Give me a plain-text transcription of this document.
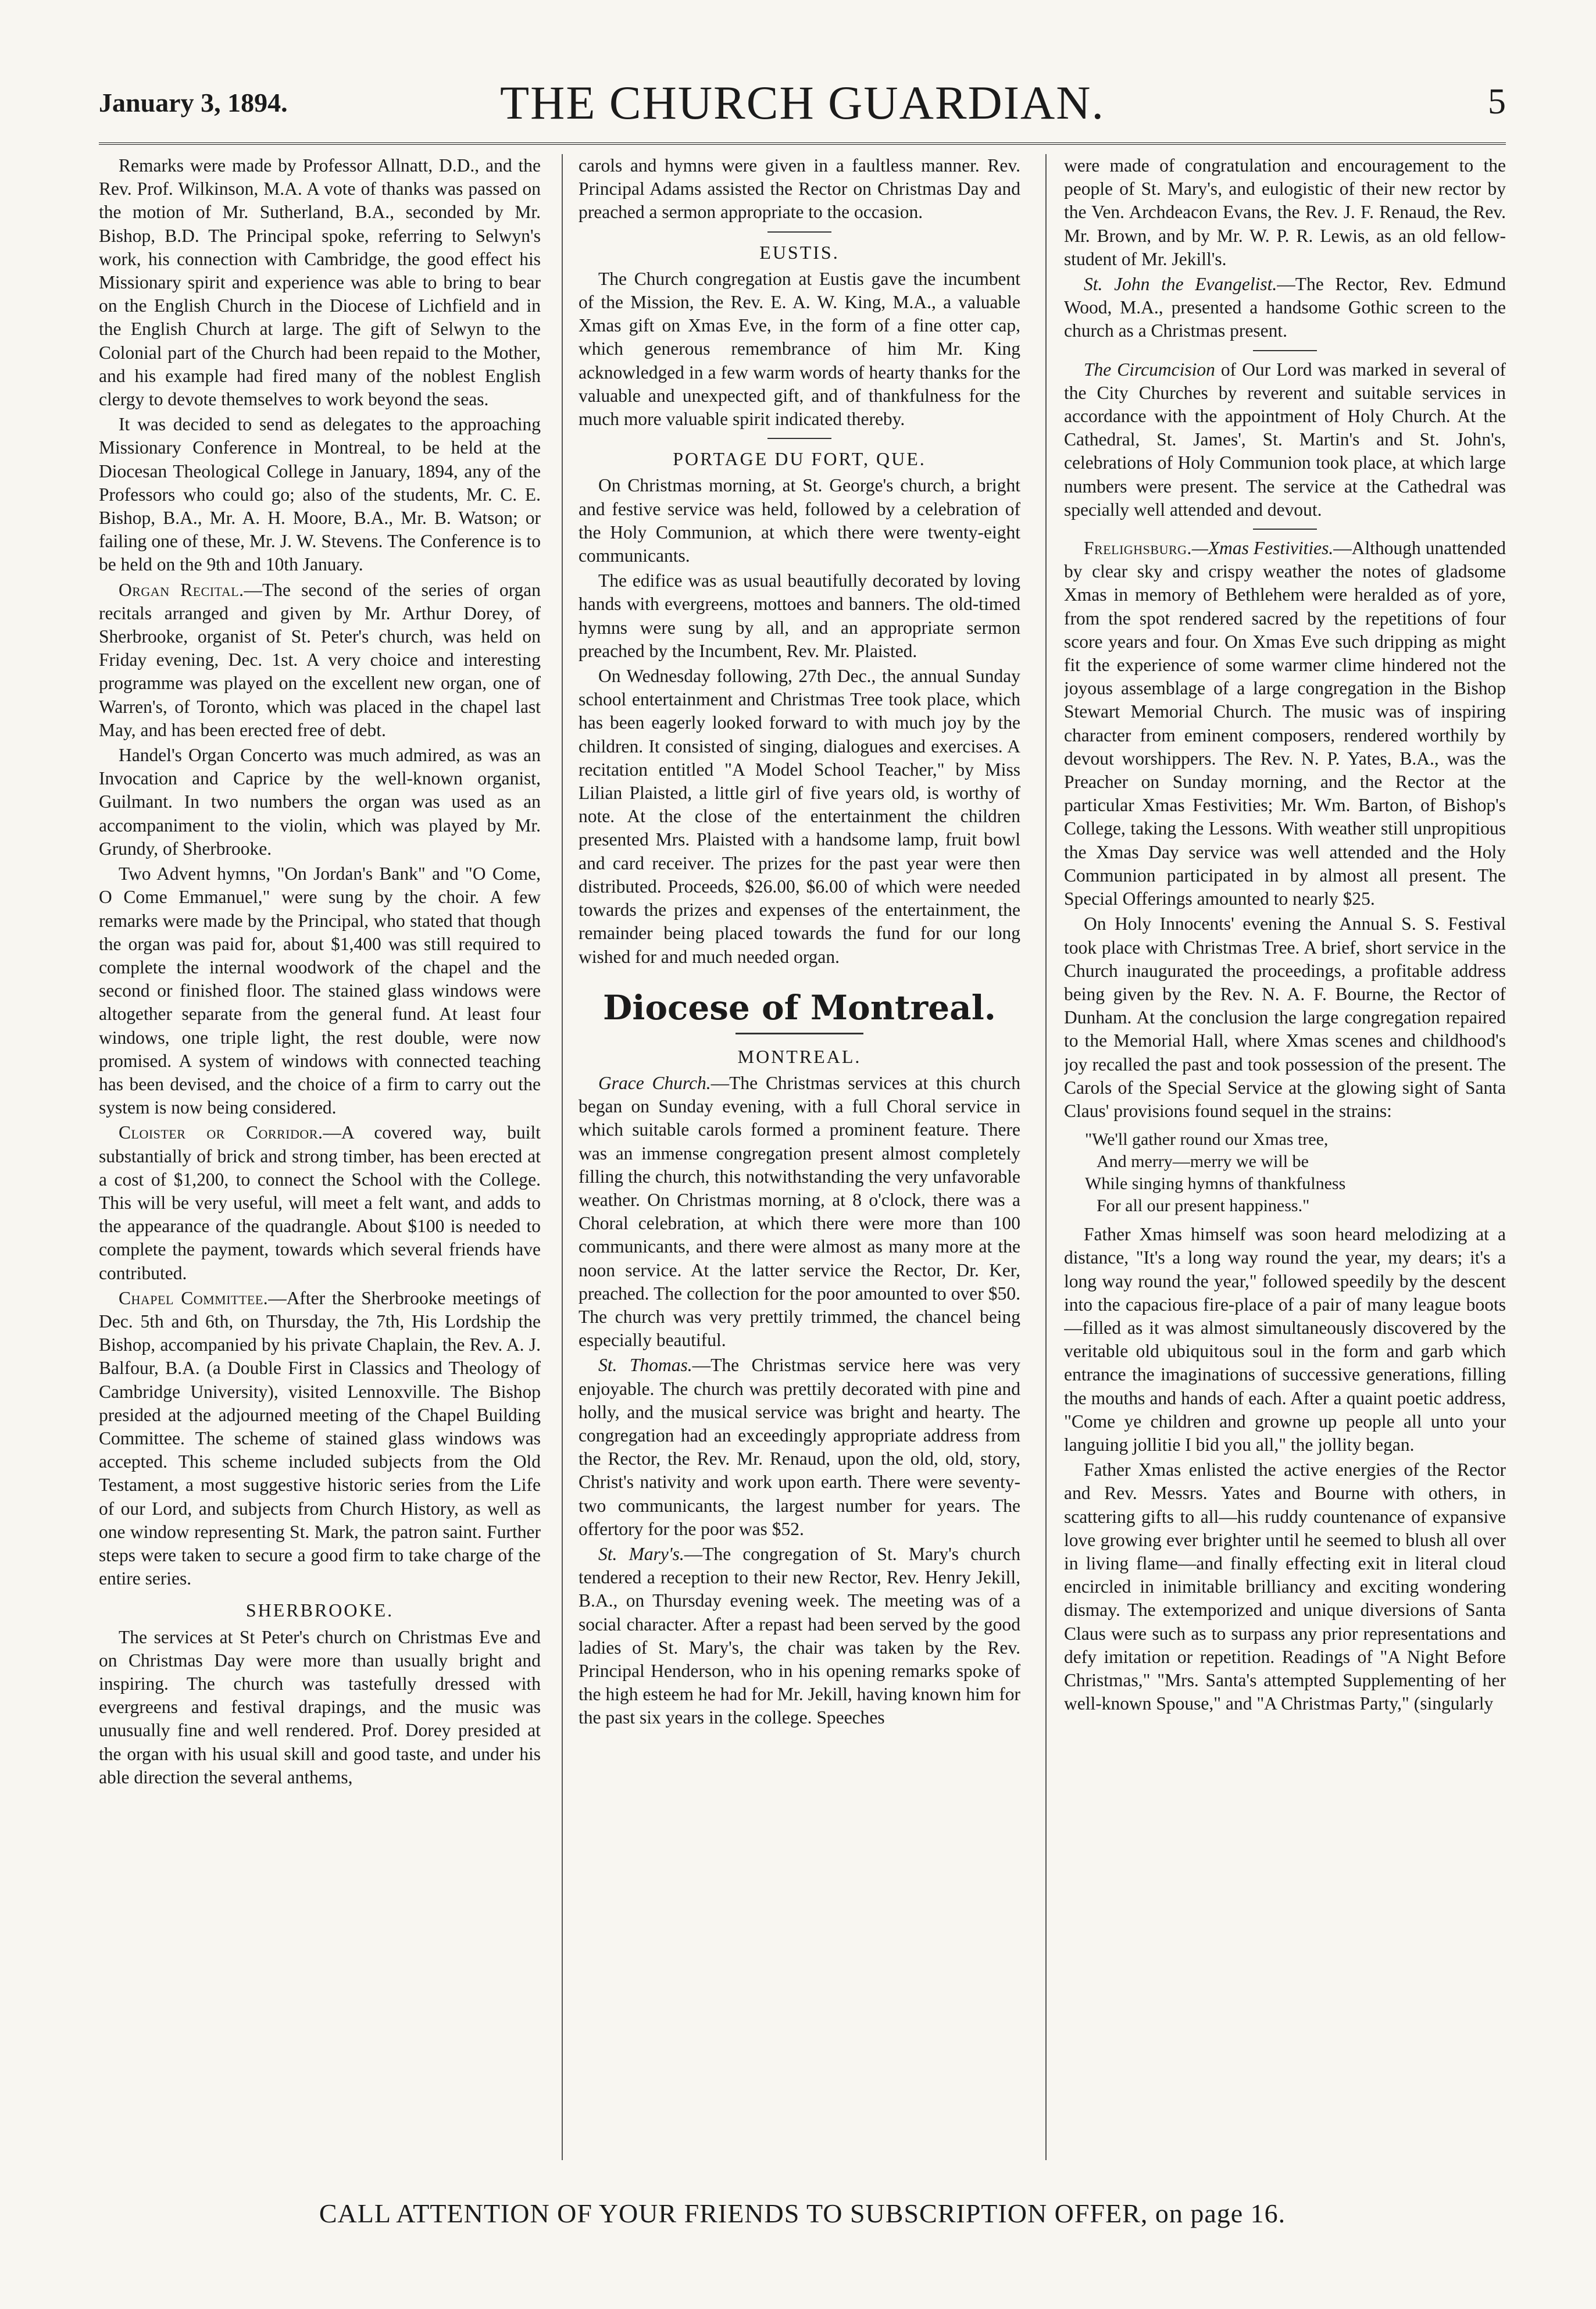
January 3, 1894.	THE CHURCH GUARDIAN.	5

Remarks were made by Professor Allnatt, D.D., and the Rev. Prof. Wilkinson, M.A. A vote of thanks was passed on the motion of Mr. Sutherland, B.A., seconded by Mr. Bishop, B.D. The Principal spoke, referring to Selwyn's work, his connection with Cambridge, the good effect his Missionary spirit and experience was able to bring to bear on the English Church in the Diocese of Lichfield and in the English Church at large. The gift of Selwyn to the Colonial part of the Church had been repaid to the Mother, and his example had fired many of the noblest English clergy to devote themselves to work beyond the seas.

It was decided to send as delegates to the approaching Missionary Conference in Montreal, to be held at the Diocesan Theological College in January, 1894, any of the Professors who could go; also of the students, Mr. C. E. Bishop, B.A., Mr. A. H. Moore, B.A., Mr. B. Watson; or failing one of these, Mr. J. W. Stevens. The Conference is to be held on the 9th and 10th January.

Organ Recital.—The second of the series of organ recitals arranged and given by Mr. Arthur Dorey, of Sherbrooke, organist of St. Peter's church, was held on Friday evening, Dec. 1st. A very choice and interesting programme was played on the excellent new organ, one of Warren's, of Toronto, which was placed in the chapel last May, and has been erected free of debt.

Handel's Organ Concerto was much admired, as was an Invocation and Caprice by the well-known organist, Guilmant. In two numbers the organ was used as an accompaniment to the violin, which was played by Mr. Grundy, of Sherbrooke.

Two Advent hymns, "On Jordan's Bank" and "O Come, O Come Emmanuel," were sung by the choir. A few remarks were made by the Principal, who stated that though the organ was paid for, about $1,400 was still required to complete the internal woodwork of the chapel and the second or finished floor. The stained glass windows were altogether separate from the general fund. At least four windows, one triple light, the rest double, were now promised. A system of windows with connected teaching has been devised, and the choice of a firm to carry out the system is now being considered.

Cloister or Corridor.—A covered way, built substantially of brick and strong timber, has been erected at a cost of $1,200, to connect the School with the College. This will be very useful, will meet a felt want, and adds to the appearance of the quadrangle. About $100 is needed to complete the payment, towards which several friends have contributed.

Chapel Committee.—After the Sherbrooke meetings of Dec. 5th and 6th, on Thursday, the 7th, His Lordship the Bishop, accompanied by his private Chaplain, the Rev. A. J. Balfour, B.A. (a Double First in Classics and Theology of Cambridge University), visited Lennoxville. The Bishop presided at the adjourned meeting of the Chapel Building Committee. The scheme of stained glass windows was accepted. This scheme included subjects from the Old Testament, a most suggestive historic series from the Life of our Lord, and subjects from Church History, as well as one window representing St. Mark, the patron saint. Further steps were taken to secure a good firm to take charge of the entire series.

SHERBROOKE.

The services at St Peter's church on Christmas Eve and on Christmas Day were more than usually bright and inspiring. The church was tastefully dressed with evergreens and festival drapings, and the music was unusually fine and well rendered. Prof. Dorey presided at the organ with his usual skill and good taste, and under his able direction the several anthems,

carols and hymns were given in a faultless manner. Rev. Principal Adams assisted the Rector on Christmas Day and preached a sermon appropriate to the occasion.

EUSTIS.

The Church congregation at Eustis gave the incumbent of the Mission, the Rev. E. A. W. King, M.A., a valuable Xmas gift on Xmas Eve, in the form of a fine otter cap, which generous remembrance of him Mr. King acknowledged in a few warm words of hearty thanks for the valuable and unexpected gift, and of thankfulness for the much more valuable spirit indicated thereby.

PORTAGE DU FORT, QUE.

On Christmas morning, at St. George's church, a bright and festive service was held, followed by a celebration of the Holy Communion, at which there were twenty-eight communicants.

The edifice was as usual beautifully decorated by loving hands with evergreens, mottoes and banners. The old-timed hymns were sung by all, and an appropriate sermon preached by the Incumbent, Rev. Mr. Plaisted.

On Wednesday following, 27th Dec., the annual Sunday school entertainment and Christmas Tree took place, which has been eagerly looked forward to with much joy by the children. It consisted of singing, dialogues and exercises. A recitation entitled "A Model School Teacher," by Miss Lilian Plaisted, a little girl of five years old, is worthy of note. At the close of the entertainment the children presented Mrs. Plaisted with a handsome lamp, fruit bowl and card receiver. The prizes for the past year were then distributed. Proceeds, $26.00, $6.00 of which were needed towards the prizes and expenses of the entertainment, the remainder being placed towards the fund for our long wished for and much needed organ.

Diocese of Montreal.
MONTREAL.

Grace Church.—The Christmas services at this church began on Sunday evening, with a full Choral service in which suitable carols formed a prominent feature. There was an immense congregation present almost completely filling the church, this notwithstanding the very unfavorable weather. On Christmas morning, at 8 o'clock, there was a Choral celebration, at which there were more than 100 communicants, and there were almost as many more at the noon service. At the latter service the Rector, Dr. Ker, preached. The collection for the poor amounted to over $50. The church was very prettily trimmed, the chancel being especially beautiful.

St. Thomas.—The Christmas service here was very enjoyable. The church was prettily decorated with pine and holly, and the musical service was bright and hearty. The congregation had an exceedingly appropriate address from the Rector, the Rev. Mr. Renaud, upon the old, old, story, Christ's nativity and work upon earth. There were seventy-two communicants, the largest number for years. The offertory for the poor was $52.

St. Mary's.—The congregation of St. Mary's church tendered a reception to their new Rector, Rev. Henry Jekill, B.A., on Thursday evening week. The meeting was of a social character. After a repast had been served by the good ladies of St. Mary's, the chair was taken by the Rev. Principal Henderson, who in his opening remarks spoke of the high esteem he had for Mr. Jekill, having known him for the past six years in the college. Speeches

were made of congratulation and encouragement to the people of St. Mary's, and eulogistic of their new rector by the Ven. Archdeacon Evans, the Rev. J. F. Renaud, the Rev. Mr. Brown, and by Mr. W. P. R. Lewis, as an old fellow-student of Mr. Jekill's.

St. John the Evangelist.—The Rector, Rev. Edmund Wood, M.A., presented a handsome Gothic screen to the church as a Christmas present.

The Circumcision of Our Lord was marked in several of the City Churches by reverent and suitable services in accordance with the appointment of Holy Church. At the Cathedral, St. James', St. Martin's and St. John's, celebrations of Holy Communion took place, at which large numbers were present. The service at the Cathedral was specially well attended and devout.

Frelighsburg.—Xmas Festivities.—Although unattended by clear sky and crispy weather the notes of gladsome Xmas in memory of Bethlehem were heralded as of yore, from the spot rendered sacred by the repetitions of four score years and four. On Xmas Eve such dripping as might fit the experience of some warmer clime hindered not the joyous assemblage of a large congregation in the Bishop Stewart Memorial Church. The music was of inspiring character from eminent composers, rendered worthily by devout worshippers. The Rev. N. P. Yates, B.A., was the Preacher on Sunday morning, and the Rector at the particular Xmas Festivities; Mr. Wm. Barton, of Bishop's College, taking the Lessons. With weather still unpropitious the Xmas Day service was well attended and the Holy Communion participated in by almost all present. The Special Offerings amounted to nearly $25.

On Holy Innocents' evening the Annual S. S. Festival took place with Christmas Tree. A brief, short service in the Church inaugurated the proceedings, a profitable address being given by the Rev. N. A. F. Bourne, the Rector of Dunham. At the conclusion the large congregation repaired to the Memorial Hall, where Xmas scenes and childhood's joy recalled the past and took possession of the present. The Carols of the Special Service at the glowing sight of Santa Claus' provisions found sequel in the strains:

"We'll gather round our Xmas tree,
And merry—merry we will be
While singing hymns of thankfulness
For all our present happiness."

Father Xmas himself was soon heard melodizing at a distance, "It's a long way round the year, my dears; it's a long way round the year," followed speedily by the descent into the capacious fire-place of a pair of many league boots—filled as it was almost simultaneously discovered by the veritable old ubiquitous soul in the form and garb which entrance the imaginations of successive generations, filling the mouths and hands of each. After a quaint poetic address, "Come ye children and growne up people all unto your languing jollitie I bid you all," the jollity began.

Father Xmas enlisted the active energies of the Rector and Rev. Messrs. Yates and Bourne with others, in scattering gifts to all—his ruddy countenance of expansive love growing ever brighter until he seemed to blush all over in living flame—and finally effecting exit in literal cloud encircled in inimitable brilliancy and exciting wondering dismay. The extemporized and unique diversions of Santa Claus were such as to surpass any prior representations and defy imitation or repetition. Readings of "A Night Before Christmas," "Mrs. Santa's attempted Supplementing of her well-known Spouse," and "A Christmas Party," (singularly

CALL ATTENTION OF YOUR FRIENDS TO SUBSCRIPTION OFFER, on page 16.
